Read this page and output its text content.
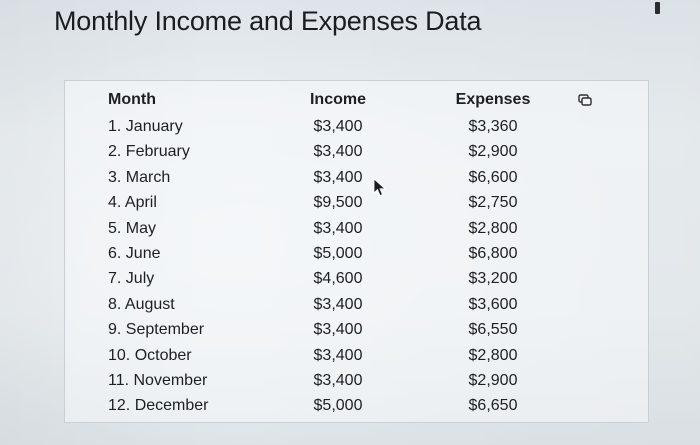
Monthly Income and Expenses Data
Month	Income	Expenses
1. January	$3,400	$3,360
2. February	$3,400	$2,900
3. March	$3,400	$6,600
4. April	$9,500	$2,750
5. May	$3,400	$2,800
6. June	$5,000	$6,800
7. July	$4,600	$3,200
8. August	$3,400	$3,600
9. September	$3,400	$6,550
10. October	$3,400	$2,800
11. November	$3,400	$2,900
12. December	$5,000	$6,650
